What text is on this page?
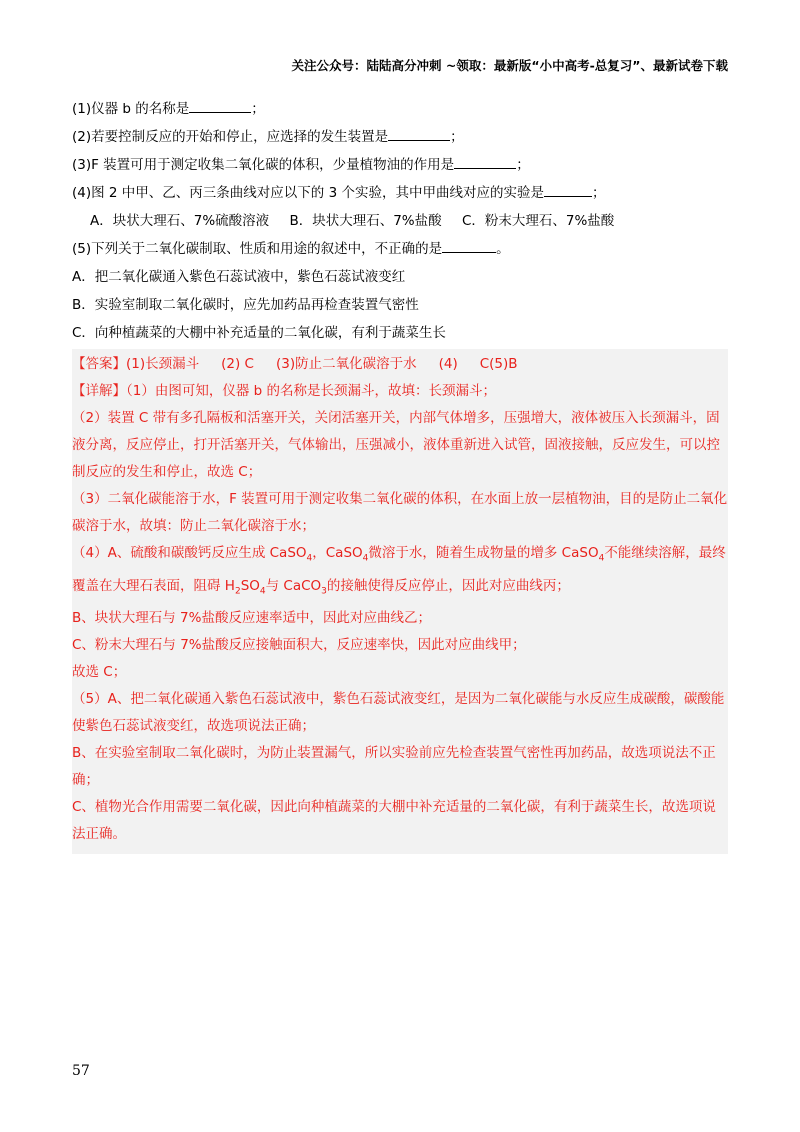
关注公众号：陆陆高分冲刺 ~领取：最新版“小中高考-总复习”、最新试卷下载
(1)仪器 b 的名称是	；
(2)若要控制反应的开始和停止，应选择的发生装置是	；
(3)F 装置可用于测定收集二氧化碳的体积，少量植物油的作用是	；
(4)图 2 中甲、乙、丙三条曲线对应以下的 3 个实验，其中甲曲线对应的实验是	；
A．块状大理石、7%硫酸溶液 B．块状大理石、7%盐酸 C．粉末大理石、7%盐酸
(5)下列关于二氧化碳制取、性质和用途的叙述中，不正确的是	。
A．把二氧化碳通入紫色石蕊试液中，紫色石蕊试液变红
B．实验室制取二氧化碳时，应先加药品再检查装置气密性
C．向种植蔬菜的大棚中补充适量的二氧化碳，有利于蔬菜生长
【答案】(1)长颈漏斗 (2) C (3)防止二氧化碳溶于水 (4) C(5)B
【详解】（1）由图可知，仪器 b 的名称是长颈漏斗，故填：长颈漏斗；
（2）装置 C 带有多孔隔板和活塞开关，关闭活塞开关，内部气体增多，压强增大，液体被压入长颈漏斗，固液分离，反应停止，打开活塞开关，气体输出，压强减小，液体重新进入试管，固液接触，反应发生，可以控制反应的发生和停止，故选 C；
（3）二氧化碳能溶于水，F 装置可用于测定收集二氧化碳的体积，在水面上放一层植物油，目的是防止二氧化碳溶于水，故填：防止二氧化碳溶于水；
（4）A、硫酸和碳酸钙反应生成 CaSO$_4$，CaSO$_4$微溶于水，随着生成物量的增多 CaSO$_4$不能继续溶解，最终覆盖在大理石表面，阻碍 $H_2SO_4$与 CaCO$_3$的接触使得反应停止，因此对应曲线丙；
B、块状大理石与 7%盐酸反应速率适中，因此对应曲线乙；
C、粉末大理石与 7%盐酸反应接触面积大，反应速率快，因此对应曲线甲；
故选 C；
（5）A、把二氧化碳通入紫色石蕊试液中，紫色石蕊试液变红，是因为二氧化碳能与水反应生成碳酸，碳酸能使紫色石蕊试液变红，故选项说法正确；
B、在实验室制取二氧化碳时，为防止装置漏气，所以实验前应先检查装置气密性再加药品，故选项说法不正确；
C、植物光合作用需要二氧化碳，因此向种植蔬菜的大棚中补充适量的二氧化碳，有利于蔬菜生长，故选项说法正确。
57
